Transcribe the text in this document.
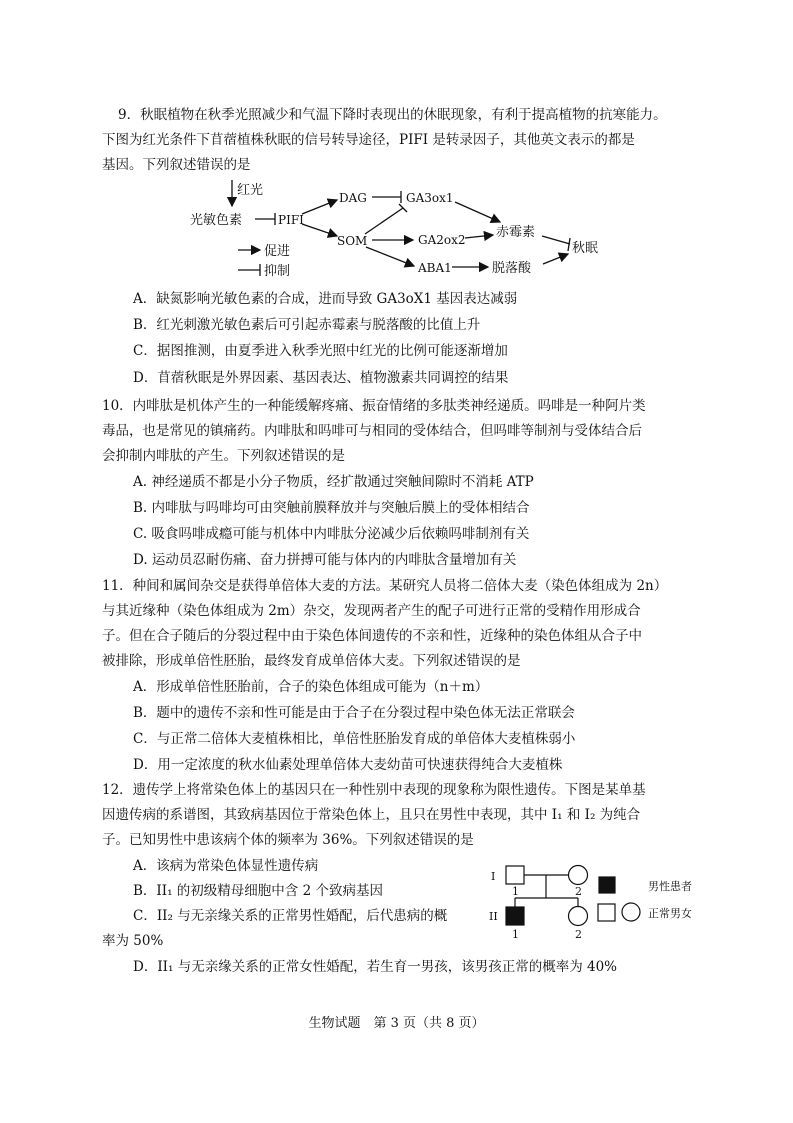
9．秋眠植物在秋季光照减少和气温下降时表现出的休眠现象，有利于提高植物的抗寒能力。
下图为红光条件下苜蓿植株秋眠的信号转导途径，PIFI 是转录因子，其他英文表示的都是
基因。下列叙述错误的是
红光
光敏色素	PIFI
DAG	GA3ox1
SOM	GA2ox2 赤霉素
ABA1	脱落酸
秋眠
促进
抑制
A．缺氮影响光敏色素的合成，进而导致 GA3oX1 基因表达减弱
B．红光刺激光敏色素后可引起赤霉素与脱落酸的比值上升
C．据图推测，由夏季进入秋季光照中红光的比例可能逐渐增加
D．苜蓿秋眠是外界因素、基因表达、植物激素共同调控的结果
10．内啡肽是机体产生的一种能缓解疼痛、振奋情绪的多肽类神经递质。吗啡是一种阿片类
毒品，也是常见的镇痛药。内啡肽和吗啡可与相同的受体结合，但吗啡等制剂与受体结合后
会抑制内啡肽的产生。下列叙述错误的是
A. 神经递质不都是小分子物质，经扩散通过突触间隙时不消耗 ATP
B. 内啡肽与吗啡均可由突触前膜释放并与突触后膜上的受体相结合
C. 吸食吗啡成瘾可能与机体中内啡肽分泌减少后依赖吗啡制剂有关
D. 运动员忍耐伤痛、奋力拼搏可能与体内的内啡肽含量增加有关
11．种间和属间杂交是获得单倍体大麦的方法。某研究人员将二倍体大麦（染色体组成为 2n）
与其近缘种（染色体组成为 2m）杂交，发现两者产生的配子可进行正常的受精作用形成合
子。但在合子随后的分裂过程中由于染色体间遗传的不亲和性，近缘种的染色体组从合子中
被排除，形成单倍性胚胎，最终发育成单倍体大麦。下列叙述错误的是
A．形成单倍性胚胎前，合子的染色体组成可能为（n＋m）
B．题中的遗传不亲和性可能是由于合子在分裂过程中染色体无法正常联会
C．与正常二倍体大麦植株相比，单倍性胚胎发育成的单倍体大麦植株弱小
D．用一定浓度的秋水仙素处理单倍体大麦幼苗可快速获得纯合大麦植株
12．遗传学上将常染色体上的基因只在一种性别中表现的现象称为限性遗传。下图是某单基
因遗传病的系谱图，其致病基因位于常染色体上，且只在男性中表现，其中 I₁ 和 I₂ 为纯合
子。已知男性中患该病个体的频率为 36%。下列叙述错误的是
A．该病为常染色体显性遗传病
B．II₁ 的初级精母细胞中含 2 个致病基因
C．II₂ 与无亲缘关系的正常男性婚配，后代患病的概
率为 50%
D．II₁ 与无亲缘关系的正常女性婚配，若生育一男孩，该男孩正常的概率为 40%
I
II
1	2
1	2
男性患者
正常男女
生物试题　第 3 页（共 8 页）
